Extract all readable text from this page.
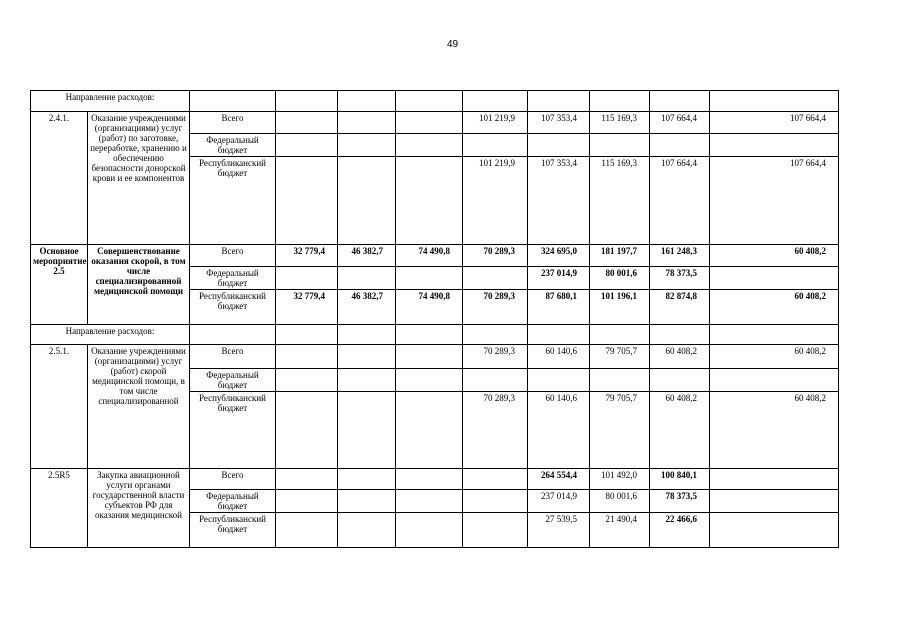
49
Направление расходов:										
2.4.1.	Оказание учреждениями (организациями) услуг (работ) по заготовке, переработке, хранению и обеспечению безопасности донорской крови и ее компонентов	Всего				101 219,9	107 353,4	115 169,3	107 664,4	107 664,4
		Федеральный бюджет								
		Республиканский бюджет				101 219,9	107 353,4	115 169,3	107 664,4	107 664,4
Основное мероприятие 2.5	Совершенствование оказания скорой, в том числе специализированной медицинской помощи	Всего	32 779,4	46 382,7	74 490,8	70 289,3	324 695,0	181 197,7	161 248,3	60 408,2
		Федеральный бюджет					237 014,9	80 001,6	78 373,5	
		Республиканский бюджет	32 779,4	46 382,7	74 490,8	70 289,3	87 680,1	101 196,1	82 874,8	60 408,2
Направление расходов:										
2.5.1.	Оказание учреждениями (организациями) услуг (работ) скорой медицинской помощи, в том числе специализированной	Всего				70 289,3	60 140,6	79 705,7	60 408,2	60 408,2
		Федеральный бюджет								
		Республиканский бюджет				70 289,3	60 140,6	79 705,7	60 408,2	60 408,2
2.5R5	Закупка авиационной услуги органами государственной власти субъектов РФ для оказания медицинской	Всего					264 554,4	101 492,0	100 840,1	
		Федеральный бюджет					237 014,9	80 001,6	78 373,5	
		Республиканский бюджет					27 539,5	21 490,4	22 466,6	
